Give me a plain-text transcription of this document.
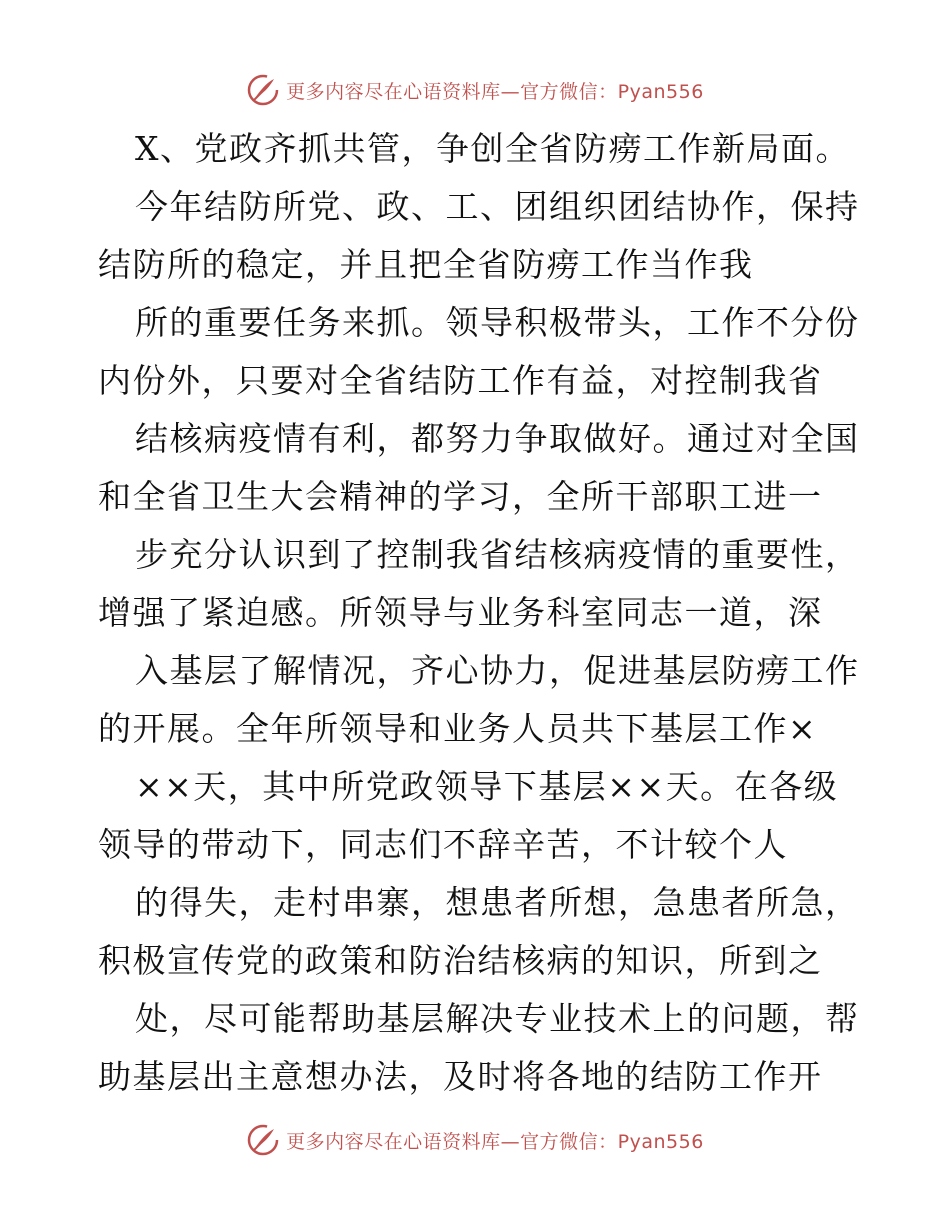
更多内容尽在心语资料库—官方微信：Pyan556
X、党政齐抓共管，争创全省防痨工作新局面。
今年结防所党、政、工、团组织团结协作，保持
结防所的稳定，并且把全省防痨工作当作我
所的重要任务来抓。领导积极带头，工作不分份
内份外，只要对全省结防工作有益，对控制我省
结核病疫情有利，都努力争取做好。通过对全国
和全省卫生大会精神的学习，全所干部职工进一
步充分认识到了控制我省结核病疫情的重要性，
增强了紧迫感。所领导与业务科室同志一道，深
入基层了解情况，齐心协力，促进基层防痨工作
的开展。全年所领导和业务人员共下基层工作×
××天，其中所党政领导下基层××天。在各级
领导的带动下，同志们不辞辛苦，不计较个人
的得失，走村串寨，想患者所想，急患者所急，
积极宣传党的政策和防治结核病的知识，所到之
处，尽可能帮助基层解决专业技术上的问题，帮
助基层出主意想办法，及时将各地的结防工作开
更多内容尽在心语资料库—官方微信：Pyan556
